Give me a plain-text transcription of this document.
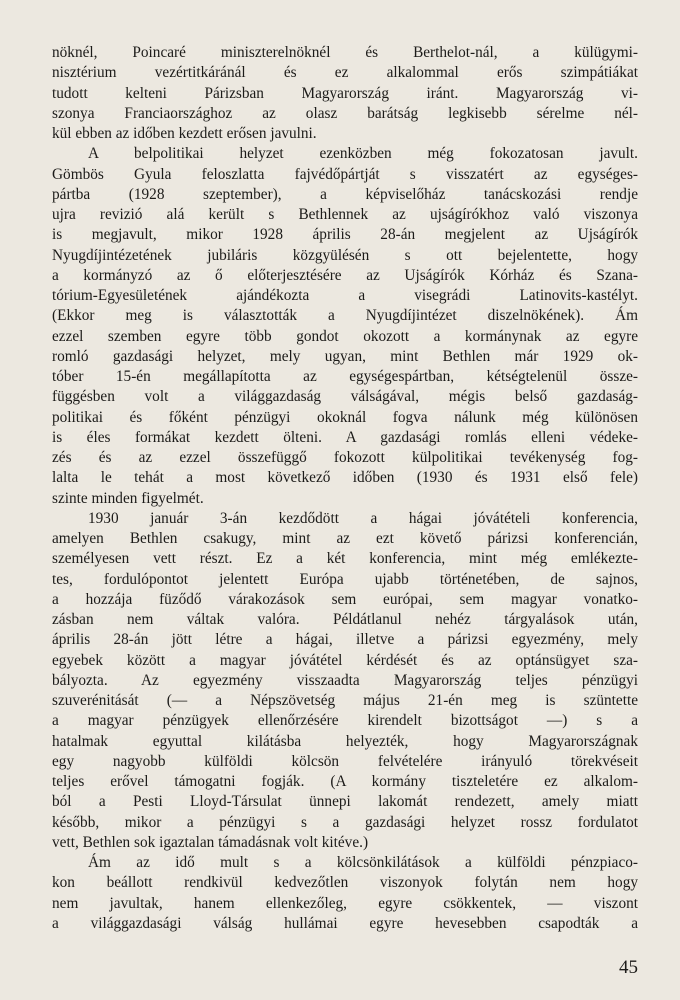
nöknél, Poincaré miniszterelnöknél és Berthelot-nál, a külügymi-
nisztérium vezértitkáránál és ez alkalommal erős szimpátiákat
tudott kelteni Párizsban Magyarország iránt. Magyarország vi-
szonya Franciaországhoz az olasz barátság legkisebb sérelme nél-
kül ebben az időben kezdett erősen javulni.
A belpolitikai helyzet ezenközben még fokozatosan javult.
Gömbös Gyula feloszlatta fajvédőpártját s visszatért az egységes-
pártba (1928 szeptember), a képviselőház tanácskozási rendje
ujra revizió alá került s Bethlennek az ujságírókhoz való viszonya
is megjavult, mikor 1928 április 28-án megjelent az Ujságírók
Nyugdíjintézetének jubiláris közgyülésén s ott bejelentette, hogy
a kormányzó az ő előterjesztésére az Ujságírók Kórház és Szana-
tórium-Egyesületének ajándékozta a visegrádi Latinovits-kastélyt.
(Ekkor meg is választották a Nyugdíjintézet diszelnökének). Ám
ezzel szemben egyre több gondot okozott a kormánynak az egyre
romló gazdasági helyzet, mely ugyan, mint Bethlen már 1929 ok-
tóber 15-én megállapította az egységespártban, kétségtelenül össze-
függésben volt a világgazdaság válságával, mégis belső gazdaság-
politikai és főként pénzügyi okoknál fogva nálunk még különösen
is éles formákat kezdett ölteni. A gazdasági romlás elleni védeke-
zés és az ezzel összefüggő fokozott külpolitikai tevékenység fog-
lalta le tehát a most következő időben (1930 és 1931 első fele)
szinte minden figyelmét.
1930 január 3-án kezdődött a hágai jóvátételi konferencia,
amelyen Bethlen csakugy, mint az ezt követő párizsi konferencián,
személyesen vett részt. Ez a két konferencia, mint még emlékezte-
tes, fordulópontot jelentett Európa ujabb történetében, de sajnos,
a hozzája füződő várakozások sem európai, sem magyar vonatko-
zásban nem váltak valóra. Példátlanul nehéz tárgyalások után,
április 28-án jött létre a hágai, illetve a párizsi egyezmény, mely
egyebek között a magyar jóvátétel kérdését és az optánsügyet sza-
bályozta. Az egyezmény visszaadta Magyarország teljes pénzügyi
szuverénitását (— a Népszövetség május 21-én meg is szüntette
a magyar pénzügyek ellenőrzésére kirendelt bizottságot —) s a
hatalmak egyuttal kilátásba helyezték, hogy Magyarországnak
egy nagyobb külföldi kölcsön felvételére irányuló törekvéseit
teljes erővel támogatni fogják. (A kormány tiszteletére ez alkalom-
ból a Pesti Lloyd-Társulat ünnepi lakomát rendezett, amely miatt
később, mikor a pénzügyi s a gazdasági helyzet rossz fordulatot
vett, Bethlen sok igaztalan támadásnak volt kitéve.)
Ám az idő mult s a kölcsönkilátások a külföldi pénzpiaco-
kon beállott rendkivül kedvezőtlen viszonyok folytán nem hogy
nem javultak, hanem ellenkezőleg, egyre csökkentek, — viszont
a világgazdasági válság hullámai egyre hevesebben csapodták a
45
